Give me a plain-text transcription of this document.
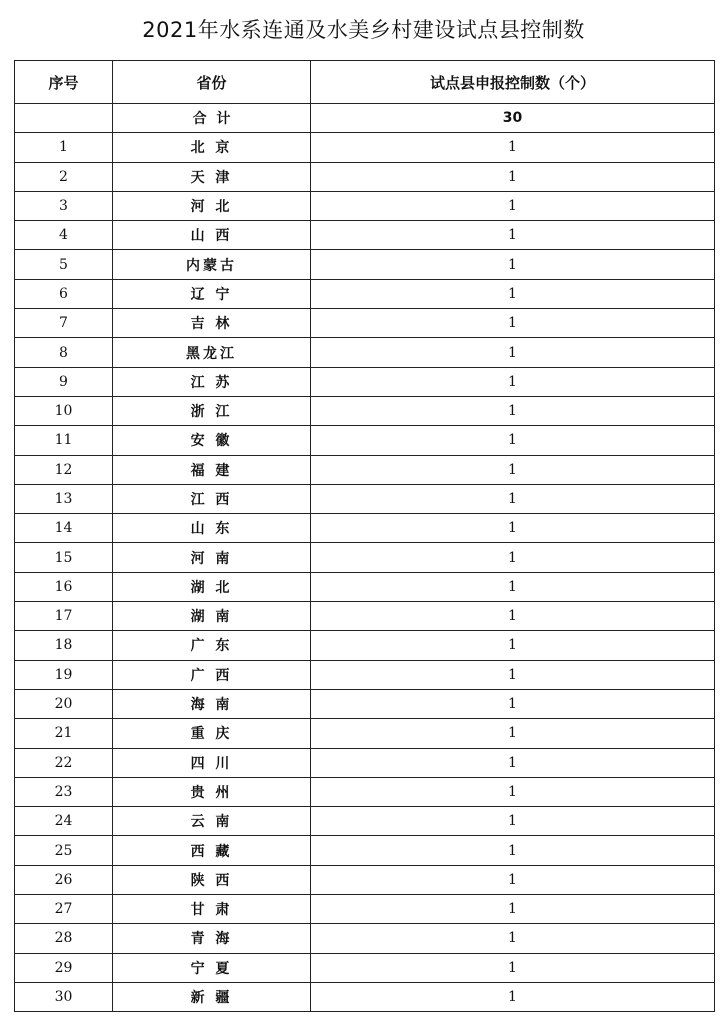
2021年水系连通及水美乡村建设试点县控制数
序号	省份	试点县申报控制数（个）
	合  计	30
1	北 京	1
2	天 津	1
3	河 北	1
4	山 西	1
5	内蒙古	1
6	辽 宁	1
7	吉 林	1
8	黑龙江	1
9	江 苏	1
10	浙 江	1
11	安 徽	1
12	福 建	1
13	江 西	1
14	山 东	1
15	河 南	1
16	湖 北	1
17	湖 南	1
18	广 东	1
19	广 西	1
20	海 南	1
21	重 庆	1
22	四 川	1
23	贵 州	1
24	云 南	1
25	西 藏	1
26	陕 西	1
27	甘 肃	1
28	青 海	1
29	宁 夏	1
30	新 疆	1
